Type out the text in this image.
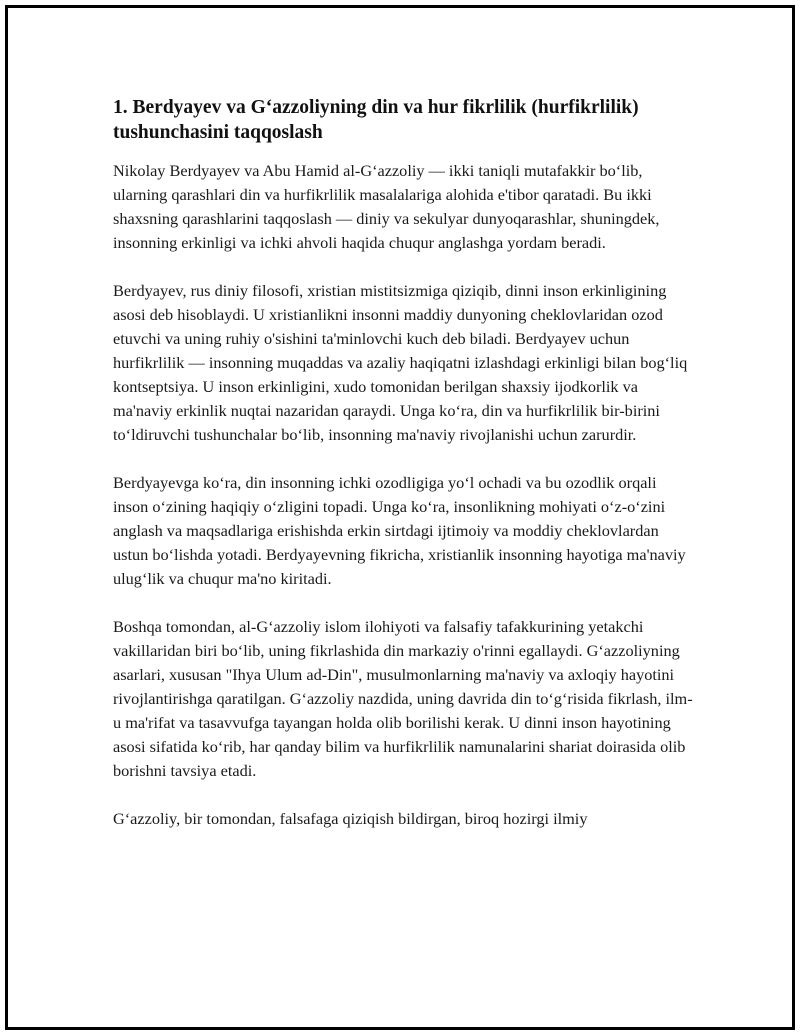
1. Berdyayev va G‘azzoliyning din va hur fikrlilik (hurfikrlilik) tushunchasini taqqoslash

Nikolay Berdyayev va Abu Hamid al-G‘azzoliy — ikki taniqli mutafakkir bo‘lib, ularning qarashlari din va hurfikrlilik masalalariga alohida e'tibor qaratadi. Bu ikki shaxsning qarashlarini taqqoslash — diniy va sekulyar dunyoqarashlar, shuningdek, insonning erkinligi va ichki ahvoli haqida chuqur anglashga yordam beradi.

Berdyayev, rus diniy filosofi, xristian mistitsizmiga qiziqib, dinni inson erkinligining asosi deb hisoblaydi. U xristianlikni insonni maddiy dunyoning cheklovlaridan ozod etuvchi va uning ruhiy o'sishini ta'minlovchi kuch deb biladi. Berdyayev uchun hurfikrlilik — insonning muqaddas va azaliy haqiqatni izlashdagi erkinligi bilan bog‘liq kontseptsiya. U inson erkinligini, xudo tomonidan berilgan shaxsiy ijodkorlik va ma'naviy erkinlik nuqtai nazaridan qaraydi. Unga ko‘ra, din va hurfikrlilik bir-birini to‘ldiruvchi tushunchalar bo‘lib, insonning ma'naviy rivojlanishi uchun zarurdir.

Berdyayevga ko‘ra, din insonning ichki ozodligiga yo‘l ochadi va bu ozodlik orqali inson o‘zining haqiqiy o‘zligini topadi. Unga ko‘ra, insonlikning mohiyati o‘z-o‘zini anglash va maqsadlariga erishishda erkin sirtdagi ijtimoiy va moddiy cheklovlardan ustun bo‘lishda yotadi. Berdyayevning fikricha, xristianlik insonning hayotiga ma'naviy ulug‘lik va chuqur ma'no kiritadi.

Boshqa tomondan, al-G‘azzoliy islom ilohiyoti va falsafiy tafakkurining yetakchi vakillaridan biri bo‘lib, uning fikrlashida din markaziy o'rinni egallaydi. G‘azzoliyning asarlari, xususan "Ihya Ulum ad-Din", musulmonlarning ma'naviy va axloqiy hayotini rivojlantirishga qaratilgan. G‘azzoliy nazdida, uning davrida din to‘g‘risida fikrlash, ilm-u ma'rifat va tasavvufga tayangan holda olib borilishi kerak. U dinni inson hayotining asosi sifatida ko‘rib, har qanday bilim va hurfikrlilik namunalarini shariat doirasida olib borishni tavsiya etadi.

G‘azzoliy, bir tomondan, falsafaga qiziqish bildirgan, biroq hozirgi ilmiy
